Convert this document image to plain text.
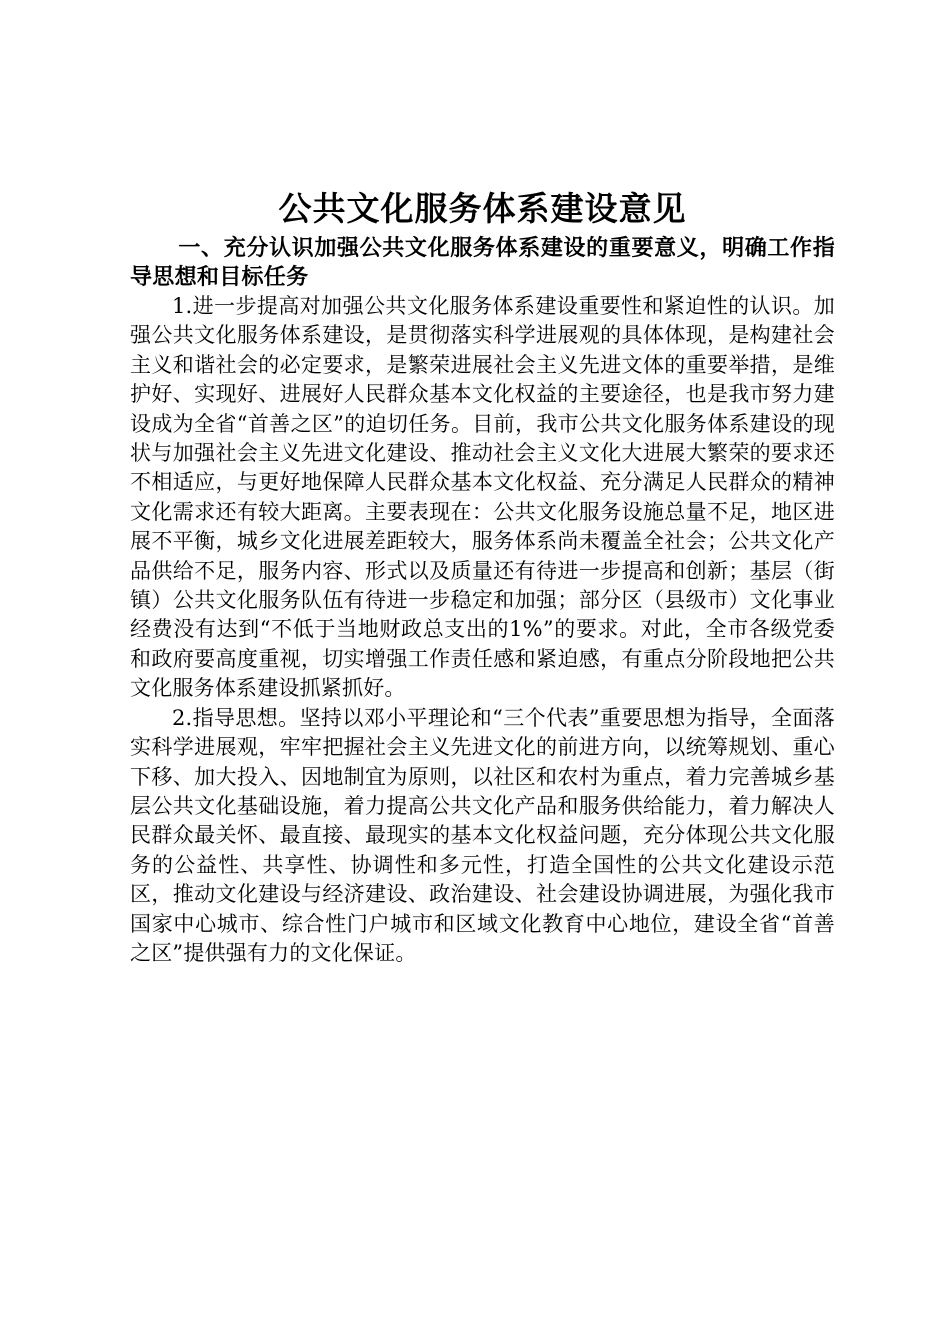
公共文化服务体系建设意见

一、充分认识加强公共文化服务体系建设的重要意义，明确工作指导思想和目标任务

1.进一步提高对加强公共文化服务体系建设重要性和紧迫性的认识。加强公共文化服务体系建设，是贯彻落实科学进展观的具体体现，是构建社会主义和谐社会的必定要求，是繁荣进展社会主义先进文体的重要举措，是维护好、实现好、进展好人民群众基本文化权益的主要途径，也是我市努力建设成为全省“首善之区”的迫切任务。目前，我市公共文化服务体系建设的现状与加强社会主义先进文化建设、推动社会主义文化大进展大繁荣的要求还不相适应，与更好地保障人民群众基本文化权益、充分满足人民群众的精神文化需求还有较大距离。主要表现在：公共文化服务设施总量不足，地区进展不平衡，城乡文化进展差距较大，服务体系尚未覆盖全社会；公共文化产品供给不足，服务内容、形式以及质量还有待进一步提高和创新；基层（街镇）公共文化服务队伍有待进一步稳定和加强；部分区（县级市）文化事业经费没有达到“不低于当地财政总支出的1%”的要求。对此，全市各级党委和政府要高度重视，切实增强工作责任感和紧迫感，有重点分阶段地把公共文化服务体系建设抓紧抓好。

2.指导思想。坚持以邓小平理论和“三个代表”重要思想为指导，全面落实科学进展观，牢牢把握社会主义先进文化的前进方向，以统筹规划、重心下移、加大投入、因地制宜为原则，以社区和农村为重点，着力完善城乡基层公共文化基础设施，着力提高公共文化产品和服务供给能力，着力解决人民群众最关怀、最直接、最现实的基本文化权益问题，充分体现公共文化服务的公益性、共享性、协调性和多元性，打造全国性的公共文化建设示范区，推动文化建设与经济建设、政治建设、社会建设协调进展，为强化我市国家中心城市、综合性门户城市和区域文化教育中心地位，建设全省“首善之区”提供强有力的文化保证。
